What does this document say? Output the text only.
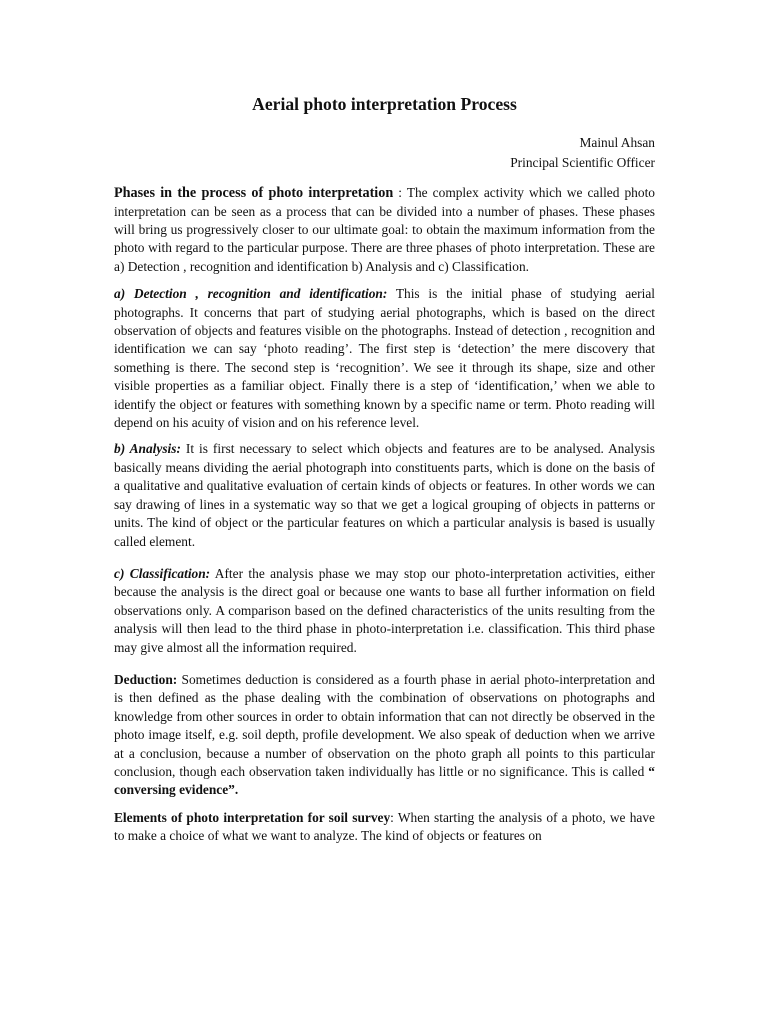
Aerial photo interpretation Process
Mainul Ahsan
Principal Scientific Officer

Phases in the process of photo interpretation : The complex activity which we called photo interpretation can be seen as a process that can be divided into a number of phases. These phases will bring us progressively closer to our ultimate goal: to obtain the maximum information from the photo with regard to the particular purpose. There are three phases of photo interpretation. These are a) Detection , recognition and identification b) Analysis and c) Classification.

a) Detection , recognition and identification: This is the initial phase of studying aerial photographs. It concerns that part of studying aerial photographs, which is based on the direct observation of objects and features visible on the photographs. Instead of detection , recognition and identification we can say ‘photo reading’. The first step is ‘detection’ the mere discovery that something is there. The second step is ‘recognition’. We see it through its shape, size and other visible properties as a familiar object. Finally there is a step of ‘identification,’ when we able to identify the object or features with something known by a specific name or term. Photo reading will depend on his acuity of vision and on his reference level.

b) Analysis: It is first necessary to select which objects and features are to be analysed. Analysis basically means dividing the aerial photograph into constituents parts, which is done on the basis of a qualitative and qualitative evaluation of certain kinds of objects or features. In other words we can say drawing of lines in a systematic way so that we get a logical grouping of objects in patterns or units. The kind of object or the particular features on which a particular analysis is based is usually called element.

c) Classification: After the analysis phase we may stop our photo-interpretation activities, either because the analysis is the direct goal or because one wants to base all further information on field observations only. A comparison based on the defined characteristics of the units resulting from the analysis will then lead to the third phase in photo-interpretation i.e. classification. This third phase may give almost all the information required.

Deduction: Sometimes deduction is considered as a fourth phase in aerial photo-interpretation and is then defined as the phase dealing with the combination of observations on photographs and knowledge from other sources in order to obtain information that can not directly be observed in the photo image itself, e.g. soil depth, profile development. We also speak of deduction when we arrive at a conclusion, because a number of observation on the photo graph all points to this particular conclusion, though each observation taken individually has little or no significance. This is called “ conversing evidence”.

Elements of photo interpretation for soil survey: When starting the analysis of a photo, we have to make a choice of what we want to analyze. The kind of objects or features on
